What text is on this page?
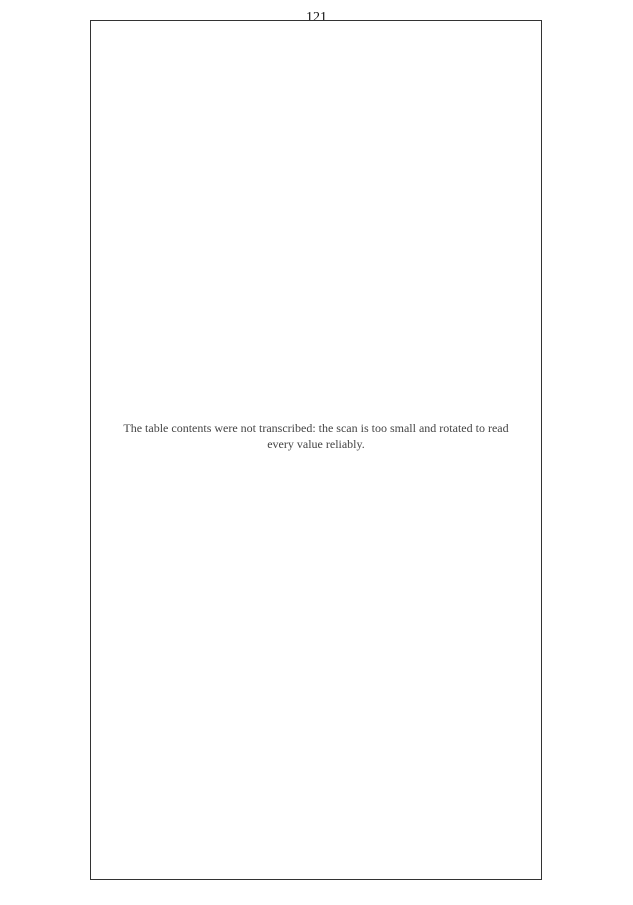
121
The table contents were not transcribed: the scan is too small and rotated to read every value reliably.
